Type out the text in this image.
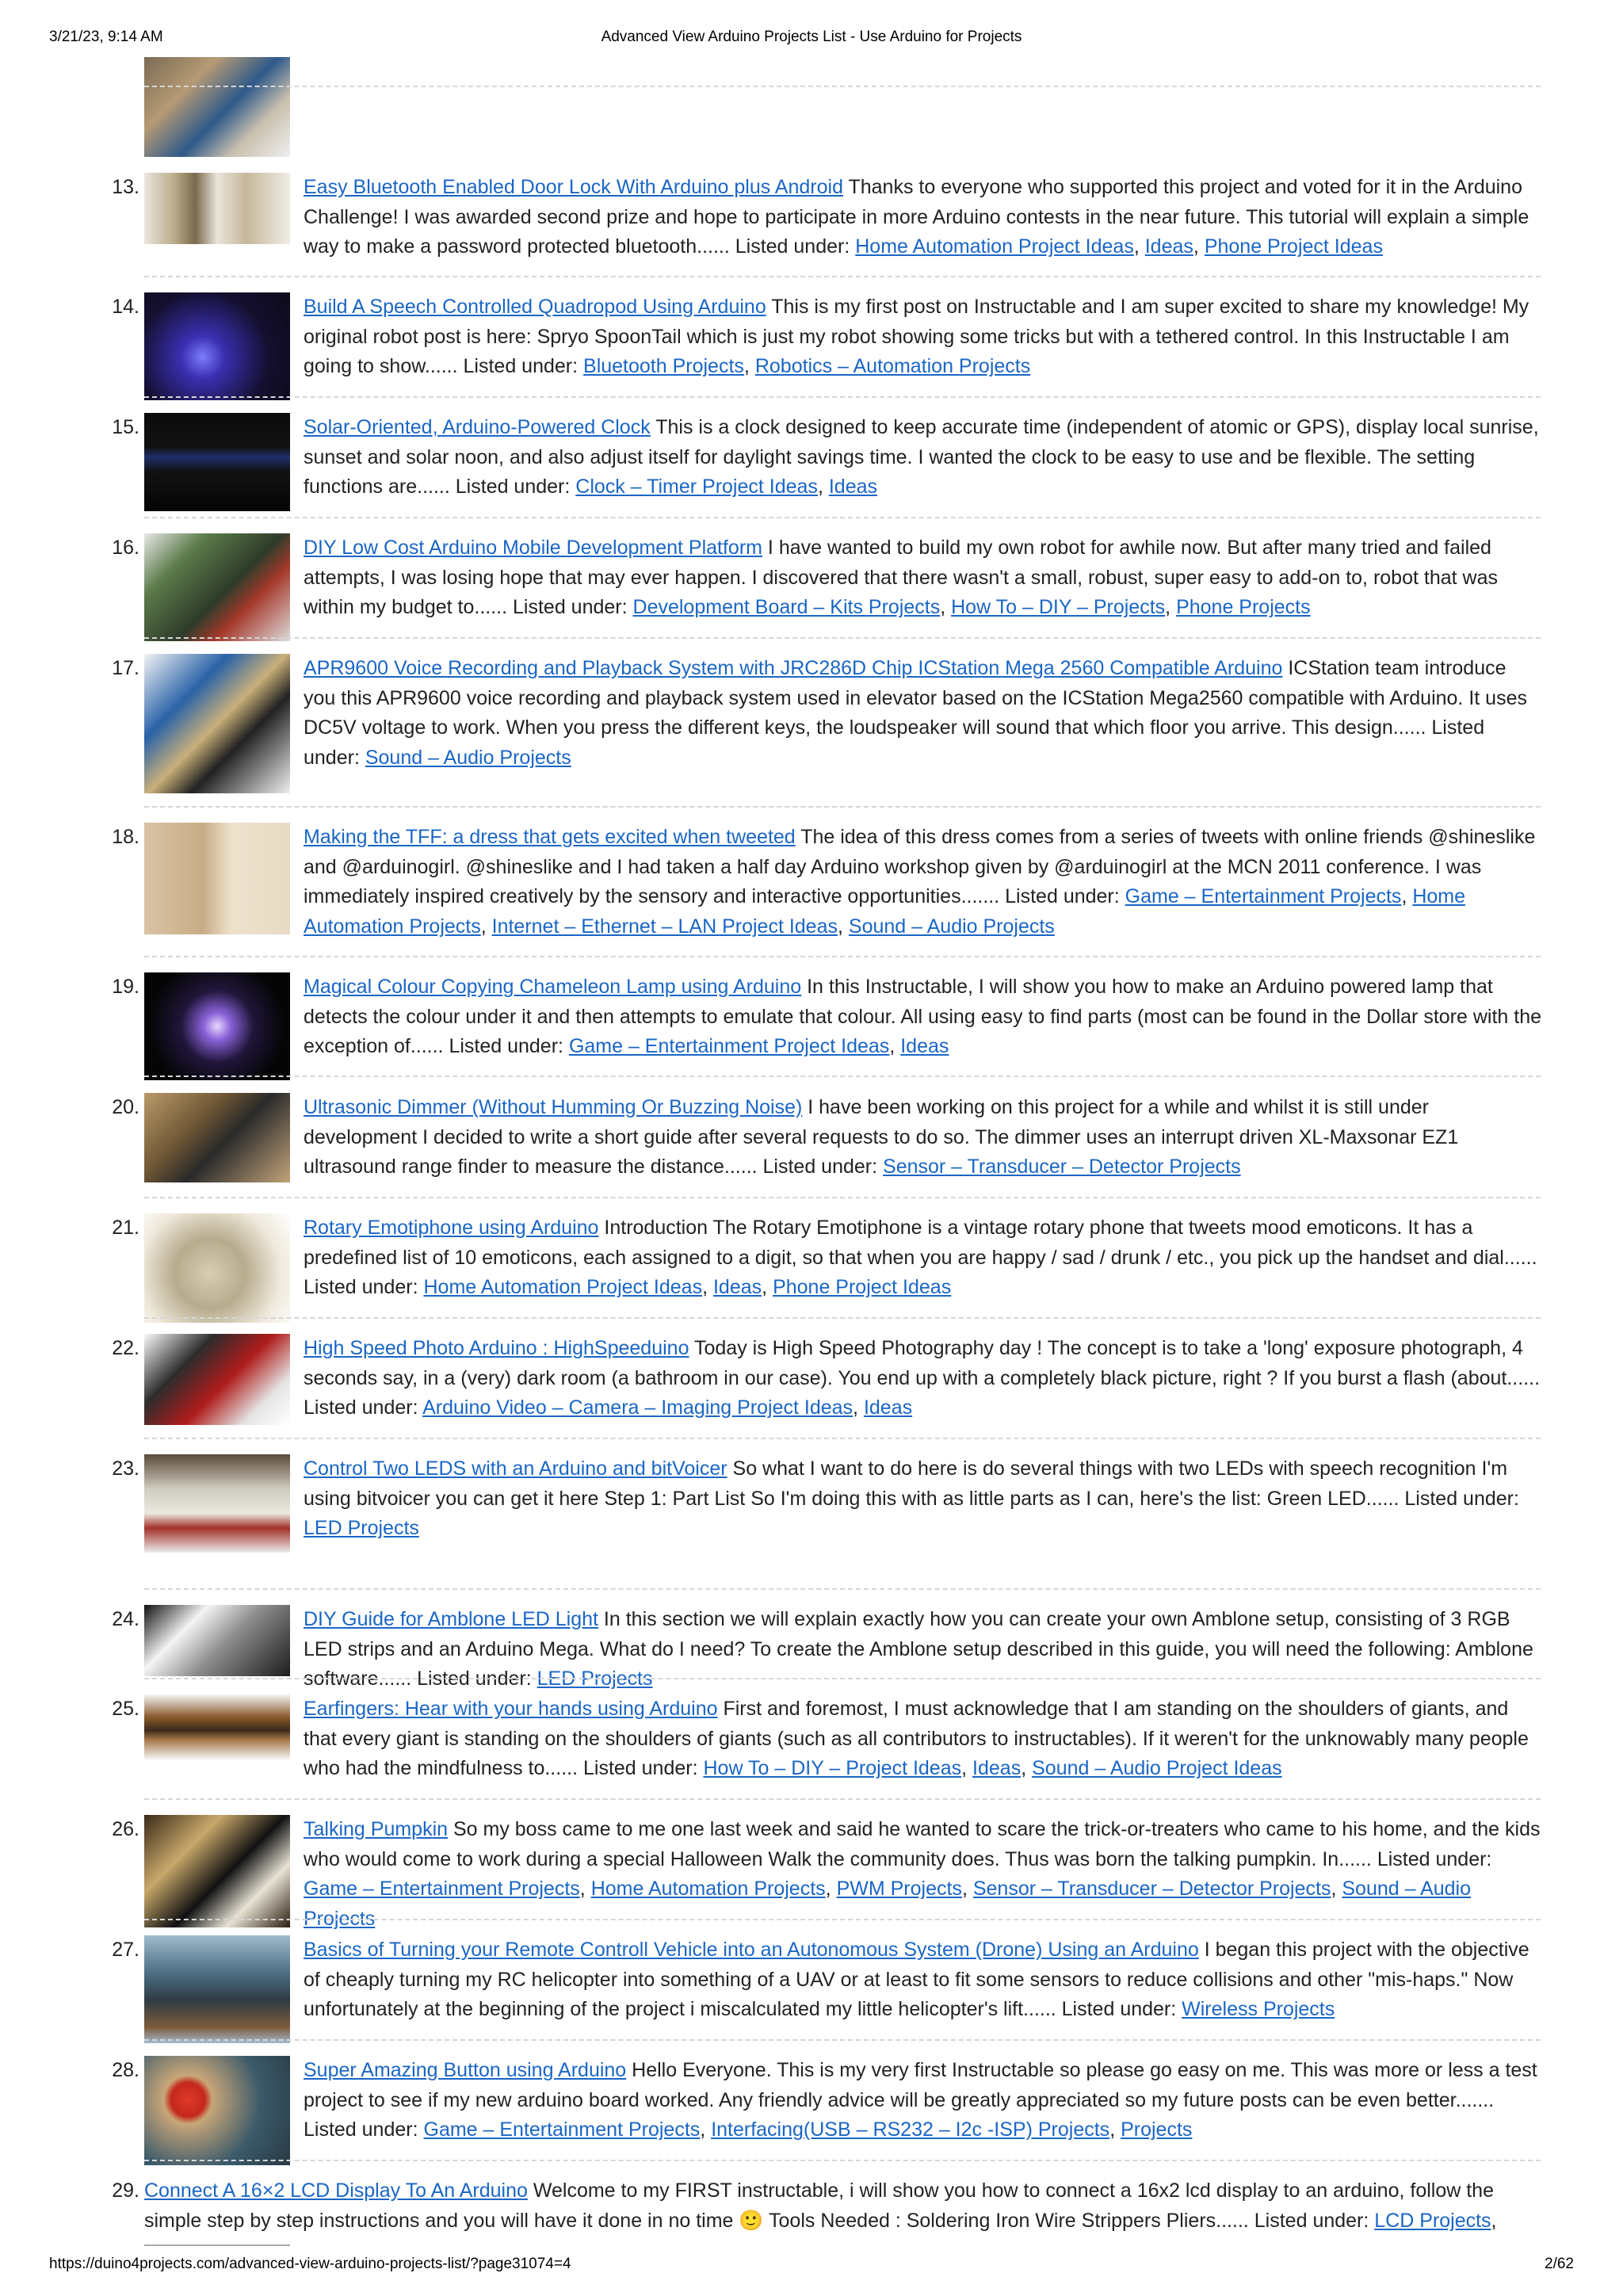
3/21/23, 9:14 AM	Advanced View Arduino Projects List - Use Arduino for Projects
13.	Easy Bluetooth Enabled Door Lock With Arduino plus Android Thanks to everyone who supported this project and voted for it in the Arduino Challenge! I was awarded second prize and hope to participate in more Arduino contests in the near future. This tutorial will explain a simple way to make a password protected bluetooth...... Listed under: Home Automation Project Ideas, Ideas, Phone Project Ideas
14.	Build A Speech Controlled Quadropod Using Arduino This is my first post on Instructable and I am super excited to share my knowledge! My original robot post is here: Spryo SpoonTail which is just my robot showing some tricks but with a tethered control. In this Instructable I am going to show...... Listed under: Bluetooth Projects, Robotics – Automation Projects
15.	Solar-Oriented, Arduino-Powered Clock This is a clock designed to keep accurate time (independent of atomic or GPS), display local sunrise, sunset and solar noon, and also adjust itself for daylight savings time. I wanted the clock to be easy to use and be flexible. The setting functions are...... Listed under: Clock – Timer Project Ideas, Ideas
16.	DIY Low Cost Arduino Mobile Development Platform I have wanted to build my own robot for awhile now. But after many tried and failed attempts, I was losing hope that may ever happen. I discovered that there wasn't a small, robust, super easy to add-on to, robot that was within my budget to...... Listed under: Development Board – Kits Projects, How To – DIY – Projects, Phone Projects
17.	APR9600 Voice Recording and Playback System with JRC286D Chip ICStation Mega 2560 Compatible Arduino ICStation team introduce you this APR9600 voice recording and playback system used in elevator based on the ICStation Mega2560 compatible with Arduino. It uses DC5V voltage to work. When you press the different keys, the loudspeaker will sound that which floor you arrive. This design...... Listed under: Sound – Audio Projects
18.	Making the TFF: a dress that gets excited when tweeted The idea of this dress comes from a series of tweets with online friends @shineslike and @arduinogirl. @shineslike and I had taken a half day Arduino workshop given by @arduinogirl at the MCN 2011 conference. I was immediately inspired creatively by the sensory and interactive opportunities....... Listed under: Game – Entertainment Projects, Home Automation Projects, Internet – Ethernet – LAN Project Ideas, Sound – Audio Projects
19.	Magical Colour Copying Chameleon Lamp using Arduino In this Instructable, I will show you how to make an Arduino powered lamp that detects the colour under it and then attempts to emulate that colour. All using easy to find parts (most can be found in the Dollar store with the exception of...... Listed under: Game – Entertainment Project Ideas, Ideas
20.	Ultrasonic Dimmer (Without Humming Or Buzzing Noise) I have been working on this project for a while and whilst it is still under development I decided to write a short guide after several requests to do so. The dimmer uses an interrupt driven XL-Maxsonar EZ1 ultrasound range finder to measure the distance...... Listed under: Sensor – Transducer – Detector Projects
21.	Rotary Emotiphone using Arduino Introduction The Rotary Emotiphone is a vintage rotary phone that tweets mood emoticons. It has a predefined list of 10 emoticons, each assigned to a digit, so that when you are happy / sad / drunk / etc., you pick up the handset and dial...... Listed under: Home Automation Project Ideas, Ideas, Phone Project Ideas
22.	High Speed Photo Arduino : HighSpeeduino Today is High Speed Photography day ! The concept is to take a 'long' exposure photograph, 4 seconds say, in a (very) dark room (a bathroom in our case). You end up with a completely black picture, right ? If you burst a flash (about...... Listed under: Arduino Video – Camera – Imaging Project Ideas, Ideas
23.	Control Two LEDS with an Arduino and bitVoicer So what I want to do here is do several things with two LEDs with speech recognition I'm using bitvoicer you can get it here Step 1: Part List So I'm doing this with as little parts as I can, here's the list: Green LED...... Listed under: LED Projects
24.	DIY Guide for Amblone LED Light In this section we will explain exactly how you can create your own Amblone setup, consisting of 3 RGB LED strips and an Arduino Mega. What do I need? To create the Amblone setup described in this guide, you will need the following: Amblone software...... Listed under: LED Projects
25.	Earfingers: Hear with your hands using Arduino First and foremost, I must acknowledge that I am standing on the shoulders of giants, and that every giant is standing on the shoulders of giants (such as all contributors to instructables). If it weren't for the unknowably many people who had the mindfulness to...... Listed under: How To – DIY – Project Ideas, Ideas, Sound – Audio Project Ideas
26.	Talking Pumpkin So my boss came to me one last week and said he wanted to scare the trick-or-treaters who came to his home, and the kids who would come to work during a special Halloween Walk the community does. Thus was born the talking pumpkin. In...... Listed under: Game – Entertainment Projects, Home Automation Projects, PWM Projects, Sensor – Transducer – Detector Projects, Sound – Audio Projects
27.	Basics of Turning your Remote Controll Vehicle into an Autonomous System (Drone) Using an Arduino I began this project with the objective of cheaply turning my RC helicopter into something of a UAV or at least to fit some sensors to reduce collisions and other "mis-haps." Now unfortunately at the beginning of the project i miscalculated my little helicopter's lift...... Listed under: Wireless Projects
28.	Super Amazing Button using Arduino Hello Everyone. This is my very first Instructable so please go easy on me. This was more or less a test project to see if my new arduino board worked. Any friendly advice will be greatly appreciated so my future posts can be even better....... Listed under: Game – Entertainment Projects, Interfacing(USB – RS232 – I2c -ISP) Projects, Projects
29. Connect A 16×2 LCD Display To An Arduino Welcome to my FIRST instructable, i will show you how to connect a 16x2 lcd display to an arduino, follow the simple step by step instructions and you will have it done in no time 🙂 Tools Needed : Soldering Iron Wire Strippers Pliers...... Listed under: LCD Projects,
https://duino4projects.com/advanced-view-arduino-projects-list/?page31074=4	2/62
